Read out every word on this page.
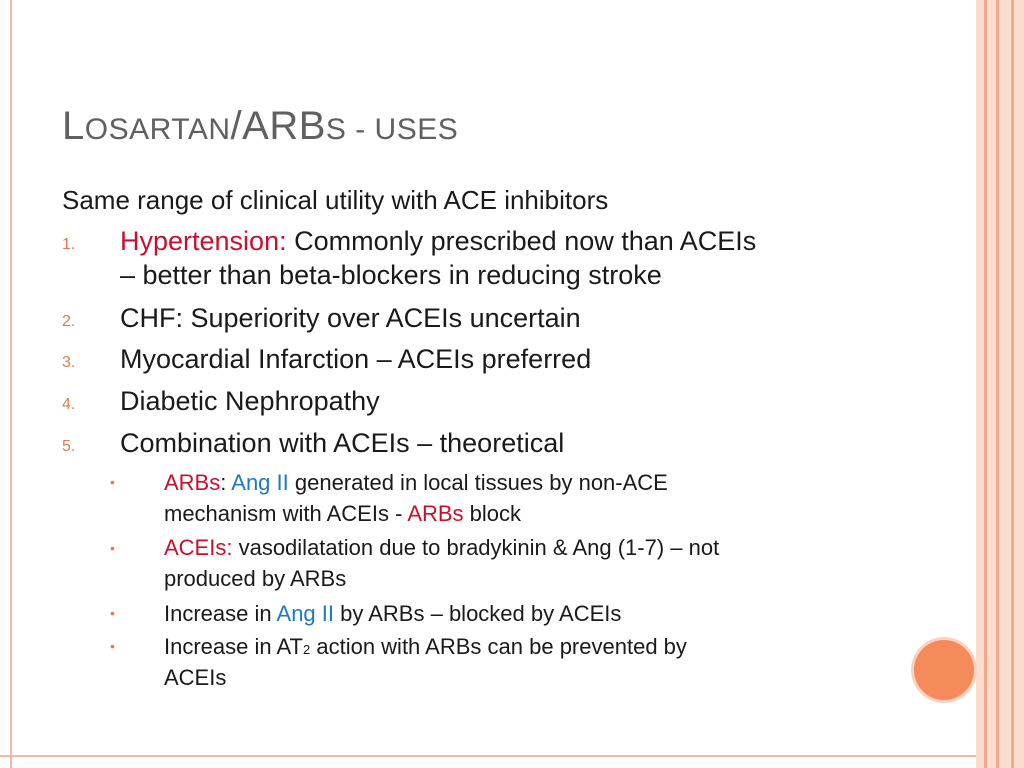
LOSARTAN/ARBS - USES
Same range of clinical utility with ACE inhibitors
1. Hypertension: Commonly prescribed now than ACEIs
– better than beta-blockers in reducing stroke
2. CHF: Superiority over ACEIs uncertain
3. Myocardial Infarction – ACEIs preferred
4. Diabetic Nephropathy
5. Combination with ACEIs – theoretical
• ARBs: Ang II generated in local tissues by non-ACE
mechanism with ACEIs - ARBs block
• ACEIs: vasodilatation due to bradykinin & Ang (1-7) – not
produced by ARBs
• Increase in Ang II by ARBs – blocked by ACEIs
• Increase in AT2 action with ARBs can be prevented by
ACEIs
